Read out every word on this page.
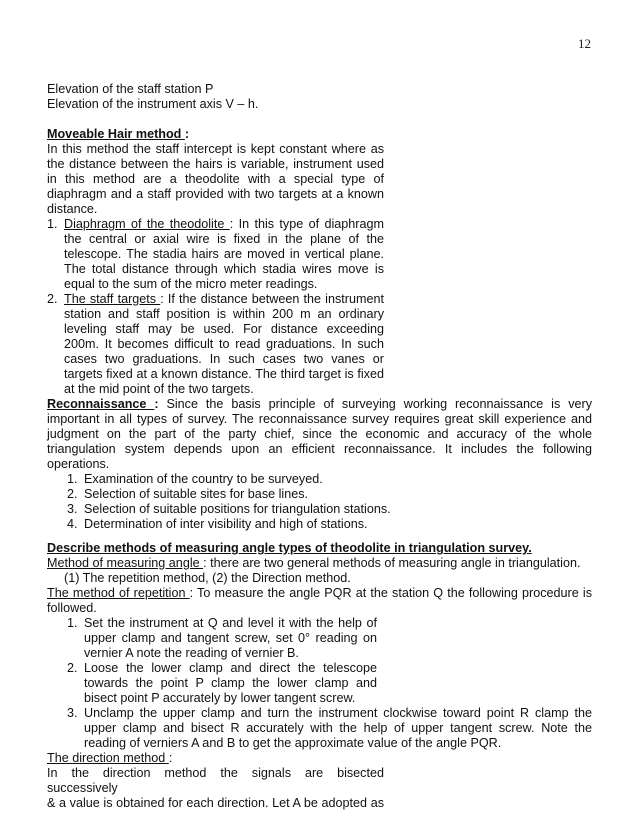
12
Elevation of the staff station P
Elevation of the instrument axis V – h.
Moveable Hair method :

In this method the staff intercept is kept constant where as the distance between the hairs is variable, instrument used in this method are a theodolite with a special type of diaphragm and a staff provided with two targets at a known distance.

1. Diaphragm of the theodolite : In this type of diaphragm the central or axial wire is fixed in the plane of the telescope. The stadia hairs are moved in vertical plane. The total distance through which stadia wires move is equal to the sum of the micro meter readings.
2. The staff targets : If the distance between the instrument station and staff position is within 200 m an ordinary leveling staff may be used. For distance exceeding 200m. It becomes difficult to read graduations. In such cases two graduations. In such cases two vanes or targets fixed at a known distance. The third target is fixed at the mid point of the two targets.

Reconnaissance : Since the basis principle of surveying working reconnaissance is very important in all types of survey. The reconnaissance survey requires great skill experience and judgment on the part of the party chief, since the economic and accuracy of the whole triangulation system depends upon an efficient reconnaissance. It includes the following operations.

1. Examination of the country to be surveyed.
2. Selection of suitable sites for base lines.
3. Selection of suitable positions for triangulation stations.
4. Determination of inter visibility and high of stations.
Describe methods of measuring angle types of theodolite in triangulation survey.
Method of measuring angle : there are two general methods of measuring angle in triangulation.
(1) The repetition method, (2) the Direction method.

The method of repetition : To measure the angle PQR at the station Q the following procedure is followed.

1. Set the instrument at Q and level it with the help of upper clamp and tangent screw, set 0° reading on vernier A note the reading of vernier B.
2. Loose the lower clamp and direct the telescope towards the point P clamp the lower clamp and bisect point P accurately by lower tangent screw.
3. Unclamp the upper clamp and turn the instrument clockwise toward point R clamp the upper clamp and bisect R accurately with the help of upper tangent screw. Note the reading of verniers A and B to get the approximate value of the angle PQR.
The direction method :
In the direction method the signals are bisected successively
& a value is obtained for each direction. Let A be adopted as
